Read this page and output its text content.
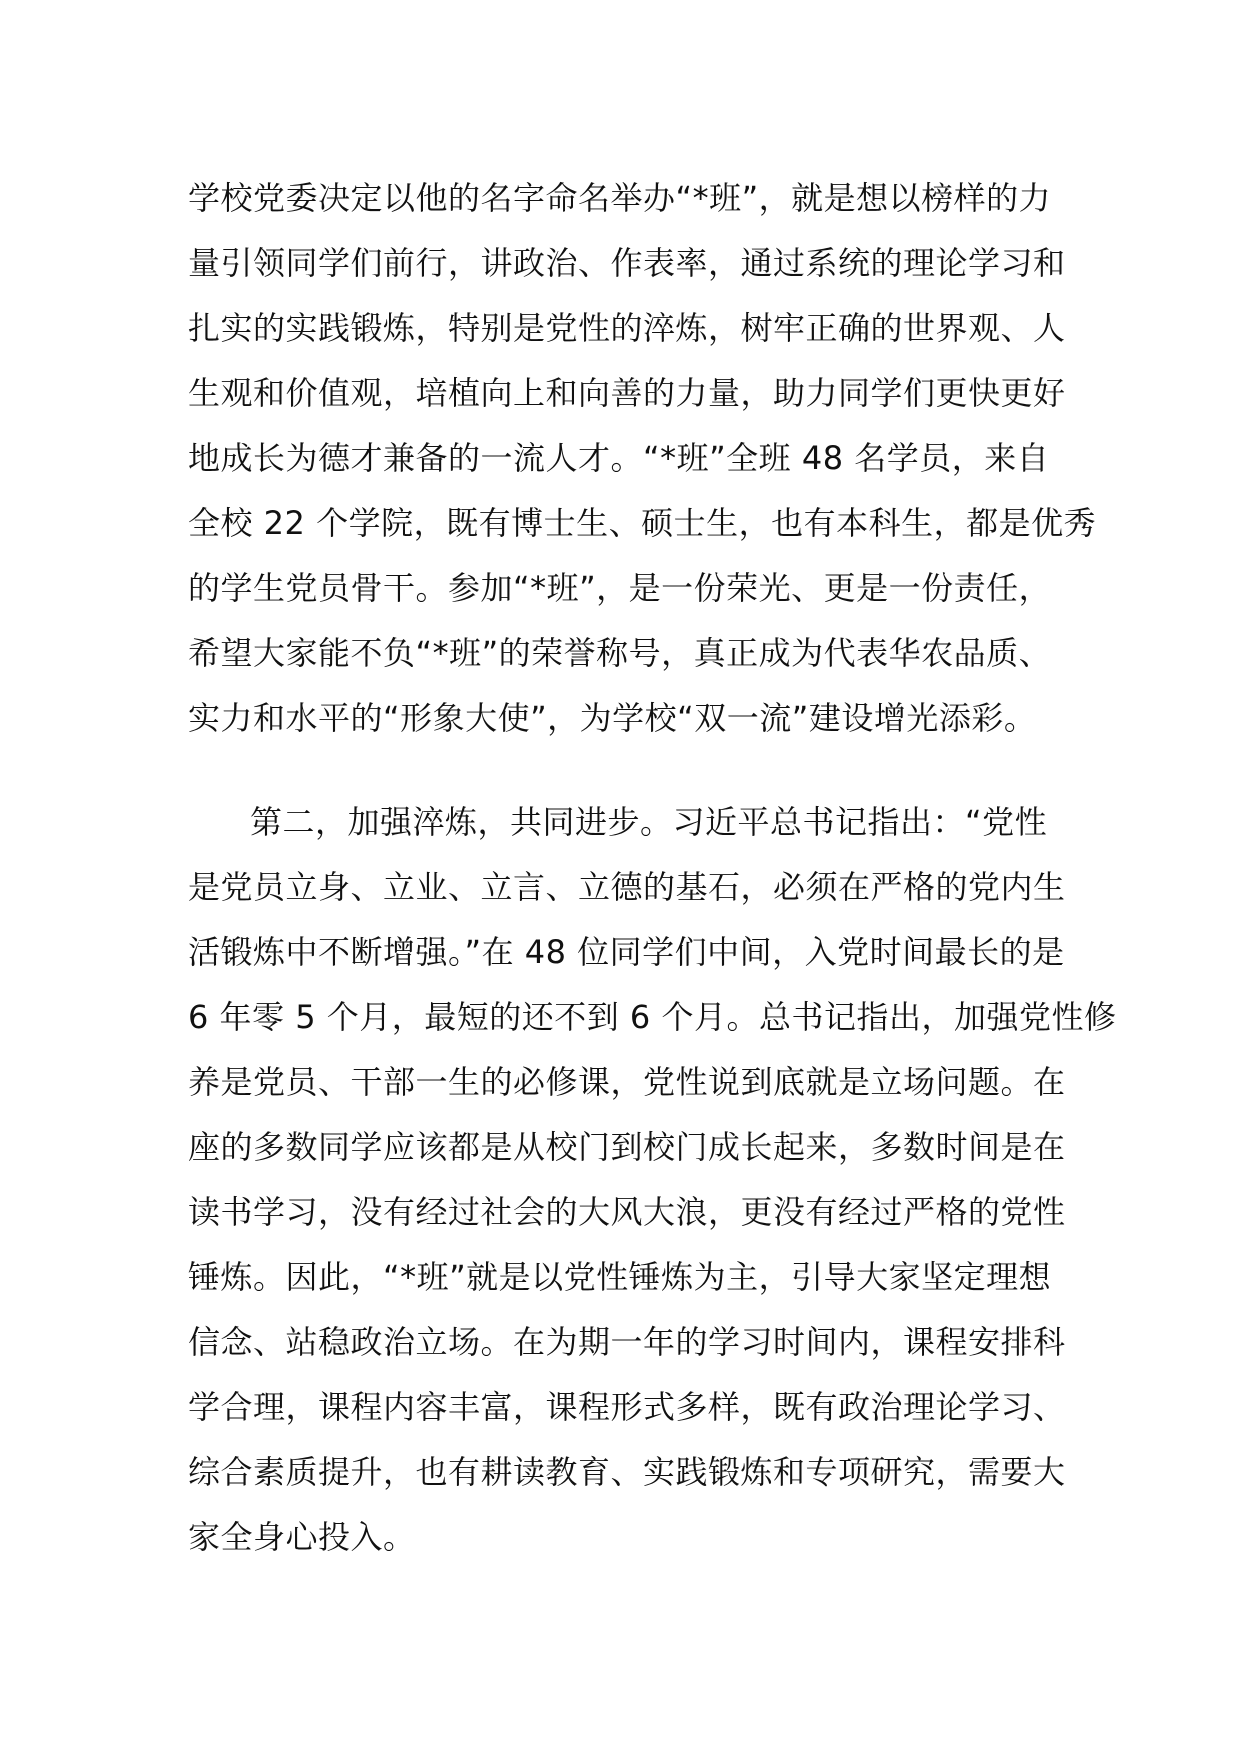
学校党委决定以他的名字命名举办“*班”，就是想以榜样的力
量引领同学们前行，讲政治、作表率，通过系统的理论学习和
扎实的实践锻炼，特别是党性的淬炼，树牢正确的世界观、人
生观和价值观，培植向上和向善的力量，助力同学们更快更好
地成长为德才兼备的一流人才。“*班”全班 48 名学员，来自
全校 22 个学院，既有博士生、硕士生，也有本科生，都是优秀
的学生党员骨干。参加“*班”，是一份荣光、更是一份责任，
希望大家能不负“*班”的荣誉称号，真正成为代表华农品质、
实力和水平的“形象大使”，为学校“双一流”建设增光添彩。
第二，加强淬炼，共同进步。习近平总书记指出：“党性
是党员立身、立业、立言、立德的基石，必须在严格的党内生
活锻炼中不断增强。”在 48 位同学们中间，入党时间最长的是
6 年零 5 个月，最短的还不到 6 个月。总书记指出，加强党性修
养是党员、干部一生的必修课，党性说到底就是立场问题。在
座的多数同学应该都是从校门到校门成长起来，多数时间是在
读书学习，没有经过社会的大风大浪，更没有经过严格的党性
锤炼。因此，“*班”就是以党性锤炼为主，引导大家坚定理想
信念、站稳政治立场。在为期一年的学习时间内，课程安排科
学合理，课程内容丰富，课程形式多样，既有政治理论学习、
综合素质提升，也有耕读教育、实践锻炼和专项研究，需要大
家全身心投入。
